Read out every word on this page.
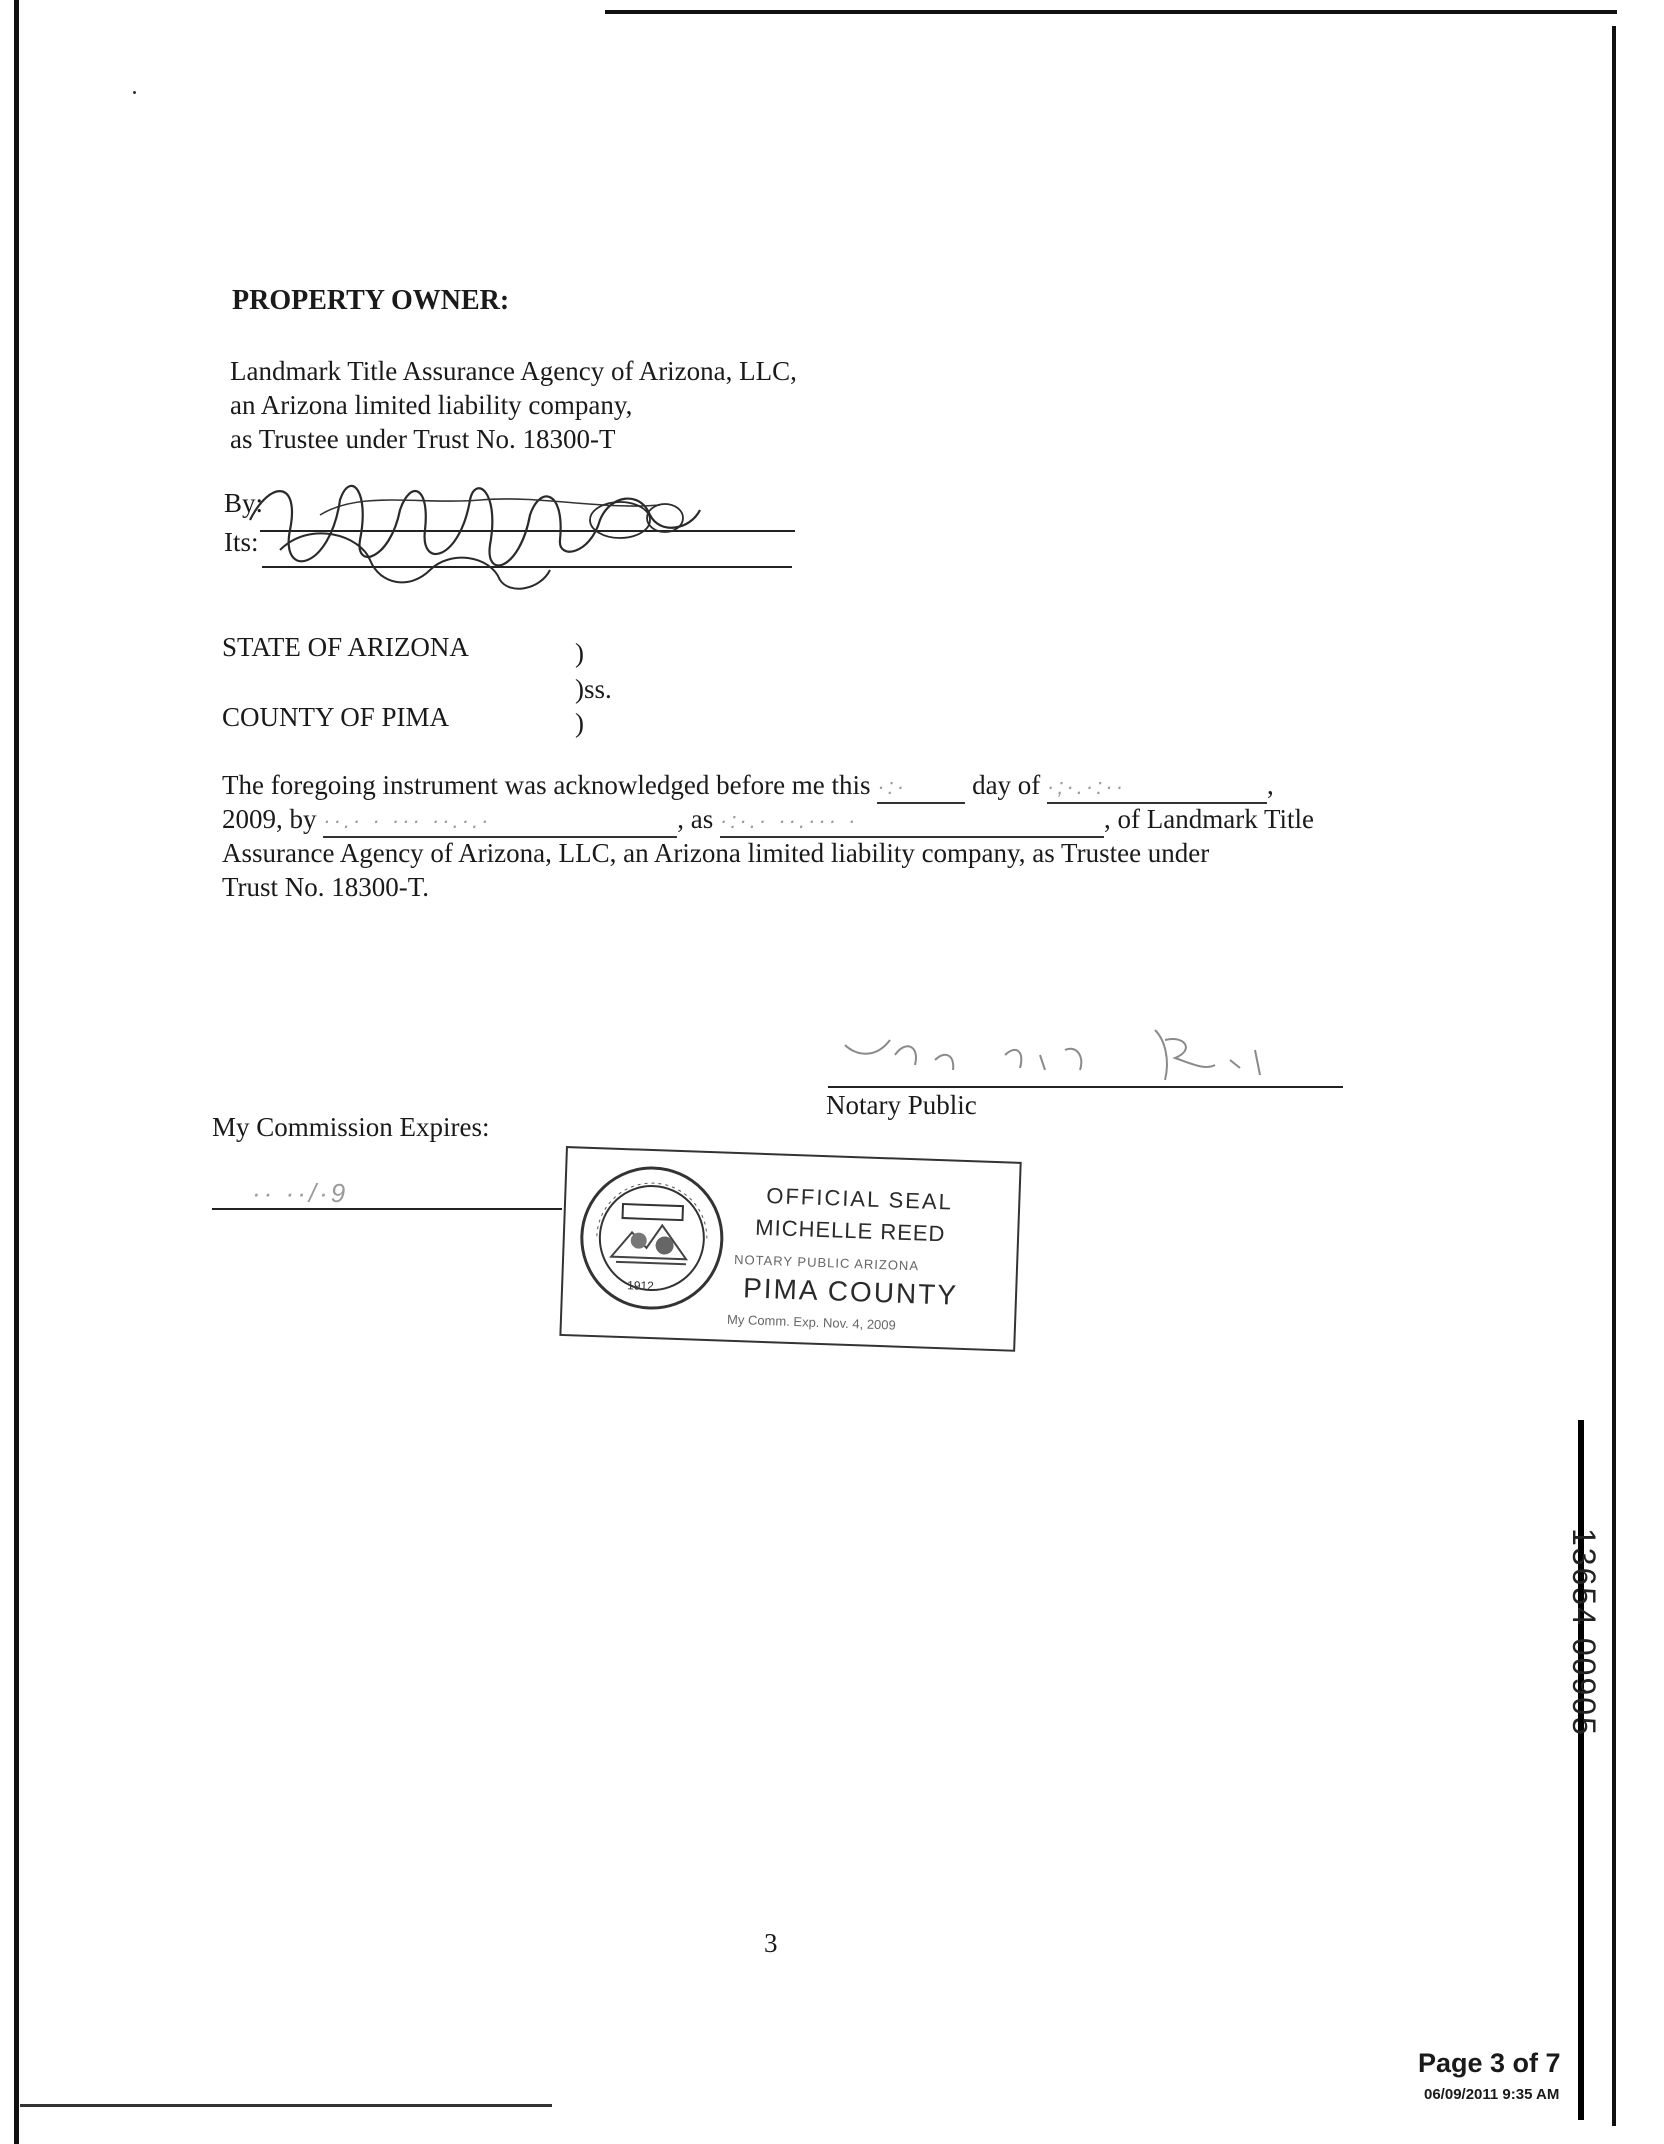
PROPERTY OWNER:
Landmark Title Assurance Agency of Arizona, LLC,
an Arizona limited liability company,
as Trustee under Trust No. 18300-T
By:
Its:
STATE OF ARIZONA	)
)ss.
COUNTY OF PIMA	)
The foregoing instrument was acknowledged before me this ·:· day of ·;·.·:··	,
2009, by ··.· · ··· ··.·.·	, as ·:·.· ··.··· ·	, of Landmark Title
Assurance Agency of Arizona, LLC, an Arizona limited liability company, as Trustee under
Trust No. 18300-T.
Notary Public
My Commission Expires:
·· ··/·9
1912
OFFICIAL SEAL
MICHELLE REED
NOTARY PUBLIC ARIZONA
PIMA COUNTY
My Comm. Exp. Nov. 4, 2009
13654 00905
3
Page 3 of 7
06/09/2011 9:35 AM
